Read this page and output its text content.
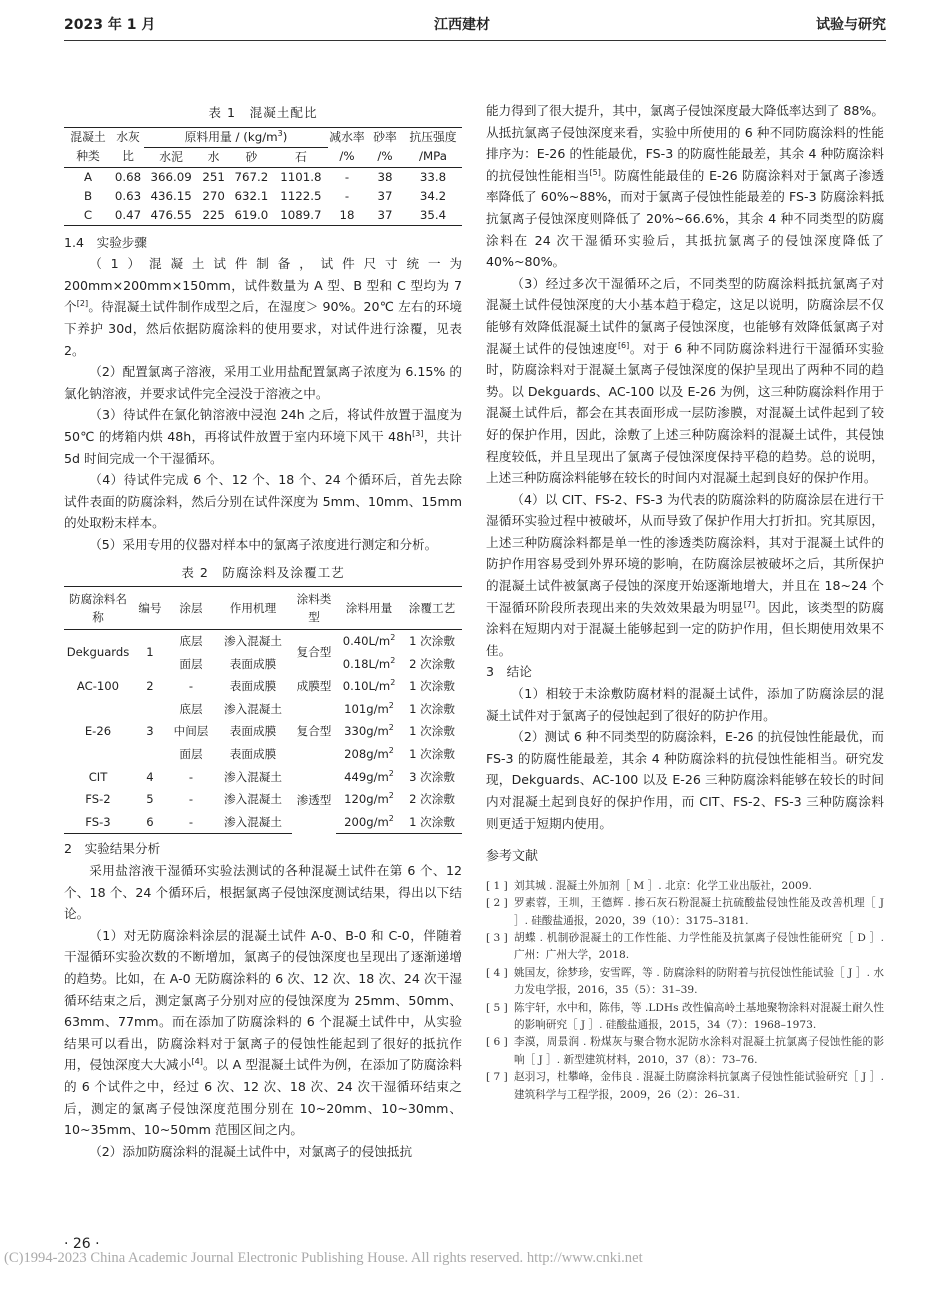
2023 年 1 月	江西建材	试验与研究
表 1　混凝土配比
混凝土种类	水灰比	原料用量 / $(kg/m^3)$				减水率 /%	砂率 /%	抗压强度 /MPa
		水泥	水	砂	石			
A	0.68	366.09	251	767.2	1101.8	-	38	33.8
B	0.63	436.15	270	632.1	1122.5	-	37	34.2
C	0.47	476.55	225	619.0	1089.7	18	37	35.4

1.4　实验步骤

（1）混凝土试件制备，试件尺寸统一为 200mm×200mm×150mm，试件数量为 A 型、B 型和 C 型均为 7 个[2]。待混凝土试件制作成型之后，在湿度＞ 90%。20℃ 左右的环境下养护 30d，然后依据防腐涂料的使用要求，对试件进行涂覆，见表 2。

（2）配置氯离子溶液，采用工业用盐配置氯离子浓度为 6.15% 的氯化钠溶液，并要求试件完全浸没于溶液之中。

（3）待试件在氯化钠溶液中浸泡 24h 之后，将试件放置于温度为 50℃ 的烤箱内烘 48h，再将试件放置于室内环境下风干 48h[3]，共计 5d 时间完成一个干湿循环。

（4）待试件完成 6 个、12 个、18 个、24 个循环后，首先去除试件表面的防腐涂料，然后分别在试件深度为 5mm、10mm、15mm 的处取粉末样本。

（5）采用专用的仪器对样本中的氯离子浓度进行测定和分析。

表 2　防腐涂料及涂覆工艺
防腐涂料名称	编号	涂层	作用机理	涂料类型	涂料用量	涂覆工艺
Dekguards	1	底层	渗入混凝土	复合型	$0.40L/m^2$	1 次涂敷
		面层	表面成膜		$0.18L/m^2$	2 次涂敷
AC-100	2	-	表面成膜	成膜型	$0.10L/m^2$	1 次涂敷
E-26	3	底层	渗入混凝土	复合型	$101g/m^2$	1 次涂敷
		中间层	表面成膜		$330g/m^2$	1 次涂敷
		面层	表面成膜		$208g/m^2$	1 次涂敷
CIT	4	-	渗入混凝土	渗透型	$449g/m^2$	3 次涂敷
FS-2	5	-	渗入混凝土		$120g/m^2$	2 次涂敷
FS-3	6	-	渗入混凝土		$200g/m^2$	1 次涂敷

2　实验结果分析

采用盐溶液干湿循环实验法测试的各种混凝土试件在第 6 个、12 个、18 个、24 个循环后，根据氯离子侵蚀深度测试结果，得出以下结论。

（1）对无防腐涂料涂层的混凝土试件 A-0、B-0 和 C-0，伴随着干湿循环实验次数的不断增加，氯离子的侵蚀深度也呈现出了逐渐递增的趋势。比如，在 A-0 无防腐涂料的 6 次、12 次、18 次、24 次干湿循环结束之后，测定氯离子分别对应的侵蚀深度为 25mm、50mm、63mm、77mm。而在添加了防腐涂料的 6 个混凝土试件中，从实验结果可以看出，防腐涂料对于氯离子的侵蚀性能起到了很好的抵抗作用，侵蚀深度大大减小[4]。以 A 型混凝土试件为例，在添加了防腐涂料的 6 个试件之中，经过 6 次、12 次、18 次、24 次干湿循环结束之后，测定的氯离子侵蚀深度范围分别在 10~20mm、10~30mm、10~35mm、10~50mm 范围区间之内。

（2）添加防腐涂料的混凝土试件中，对氯离子的侵蚀抵抗

能力得到了很大提升，其中，氯离子侵蚀深度最大降低率达到了 88%。从抵抗氯离子侵蚀深度来看，实验中所使用的 6 种不同防腐涂料的性能排序为：E-26 的性能最优，FS-3 的防腐性能最差，其余 4 种防腐涂料的抗侵蚀性能相当[5]。防腐性能最佳的 E-26 防腐涂料对于氯离子渗透率降低了 60%~88%，而对于氯离子侵蚀性能最差的 FS-3 防腐涂料抵抗氯离子侵蚀深度则降低了 20%~66.6%，其余 4 种不同类型的防腐涂料在 24 次干湿循环实验后，其抵抗氯离子的侵蚀深度降低了 40%~80%。

（3）经过多次干湿循环之后，不同类型的防腐涂料抵抗氯离子对混凝土试件侵蚀深度的大小基本趋于稳定，这足以说明，防腐涂层不仅能够有效降低混凝土试件的氯离子侵蚀深度，也能够有效降低氯离子对混凝土试件的侵蚀速度[6]。对于 6 种不同防腐涂料进行干湿循环实验时，防腐涂料对于混凝土氯离子侵蚀深度的保护呈现出了两种不同的趋势。以 Dekguards、AC-100 以及 E-26 为例，这三种防腐涂料作用于混凝土试件后，都会在其表面形成一层防渗膜，对混凝土试件起到了较好的保护作用，因此，涂敷了上述三种防腐涂料的混凝土试件，其侵蚀程度较低，并且呈现出了氯离子侵蚀深度保持平稳的趋势。总的说明，上述三种防腐涂料能够在较长的时间内对混凝土起到良好的保护作用。

（4）以 CIT、FS-2、FS-3 为代表的防腐涂料的防腐涂层在进行干湿循环实验过程中被破坏，从而导致了保护作用大打折扣。究其原因，上述三种防腐涂料都是单一性的渗透类防腐涂料，其对于混凝土试件的防护作用容易受到外界环境的影响，在防腐涂层被破坏之后，其所保护的混凝土试件被氯离子侵蚀的深度开始逐渐地增大，并且在 18~24 个干湿循环阶段所表现出来的失效效果最为明显[7]。因此，该类型的防腐涂料在短期内对于混凝土能够起到一定的防护作用，但长期使用效果不佳。

3　结论

（1）相较于未涂敷防腐材料的混凝土试件，添加了防腐涂层的混凝土试件对于氯离子的侵蚀起到了很好的防护作用。

（2）测试 6 种不同类型的防腐涂料，E-26 的抗侵蚀性能最优，而 FS-3 的防腐性能最差，其余 4 种防腐涂料的抗侵蚀性能相当。研究发现，Dekguards、AC-100 以及 E-26 三种防腐涂料能够在较长的时间内对混凝土起到良好的保护作用，而 CIT、FS-2、FS-3 三种防腐涂料则更适于短期内使用。

参考文献
[ 1 ] 刘其城 . 混凝土外加剂［ M ］. 北京：化学工业出版社，2009.
[ 2 ] 罗素蓉，王圳，王德辉 . 掺石灰石粉混凝土抗硫酸盐侵蚀性能及改善机理［ J ］. 硅酸盐通报，2020，39（10）：3175–3181.
[ 3 ] 胡蝶 . 机制砂混凝土的工作性能、力学性能及抗氯离子侵蚀性能研究［ D ］. 广州：广州大学，2018.
[ 4 ] 姚国友，徐梦珍，安雪晖，等 . 防腐涂料的防附着与抗侵蚀性能试验［ J ］. 水力发电学报，2016，35（5）：31–39.
[ 5 ] 陈宇轩，水中和，陈伟，等 .LDHs 改性偏高岭土基地聚物涂料对混凝土耐久性的影响研究［ J ］. 硅酸盐通报，2015，34（7）：1968–1973.
[ 6 ] 李漠，周景润 . 粉煤灰与聚合物水泥防水涂料对混凝土抗氯离子侵蚀性能的影响［ J ］. 新型建筑材料，2010，37（8）：73–76.
[ 7 ] 赵羽习，杜攀峰，金伟良 . 混凝土防腐涂料抗氯离子侵蚀性能试验研究［ J ］. 建筑科学与工程学报，2009，26（2）：26–31.
· 26 ·
(C)1994-2023 China Academic Journal Electronic Publishing House. All rights reserved. http://www.cnki.net
